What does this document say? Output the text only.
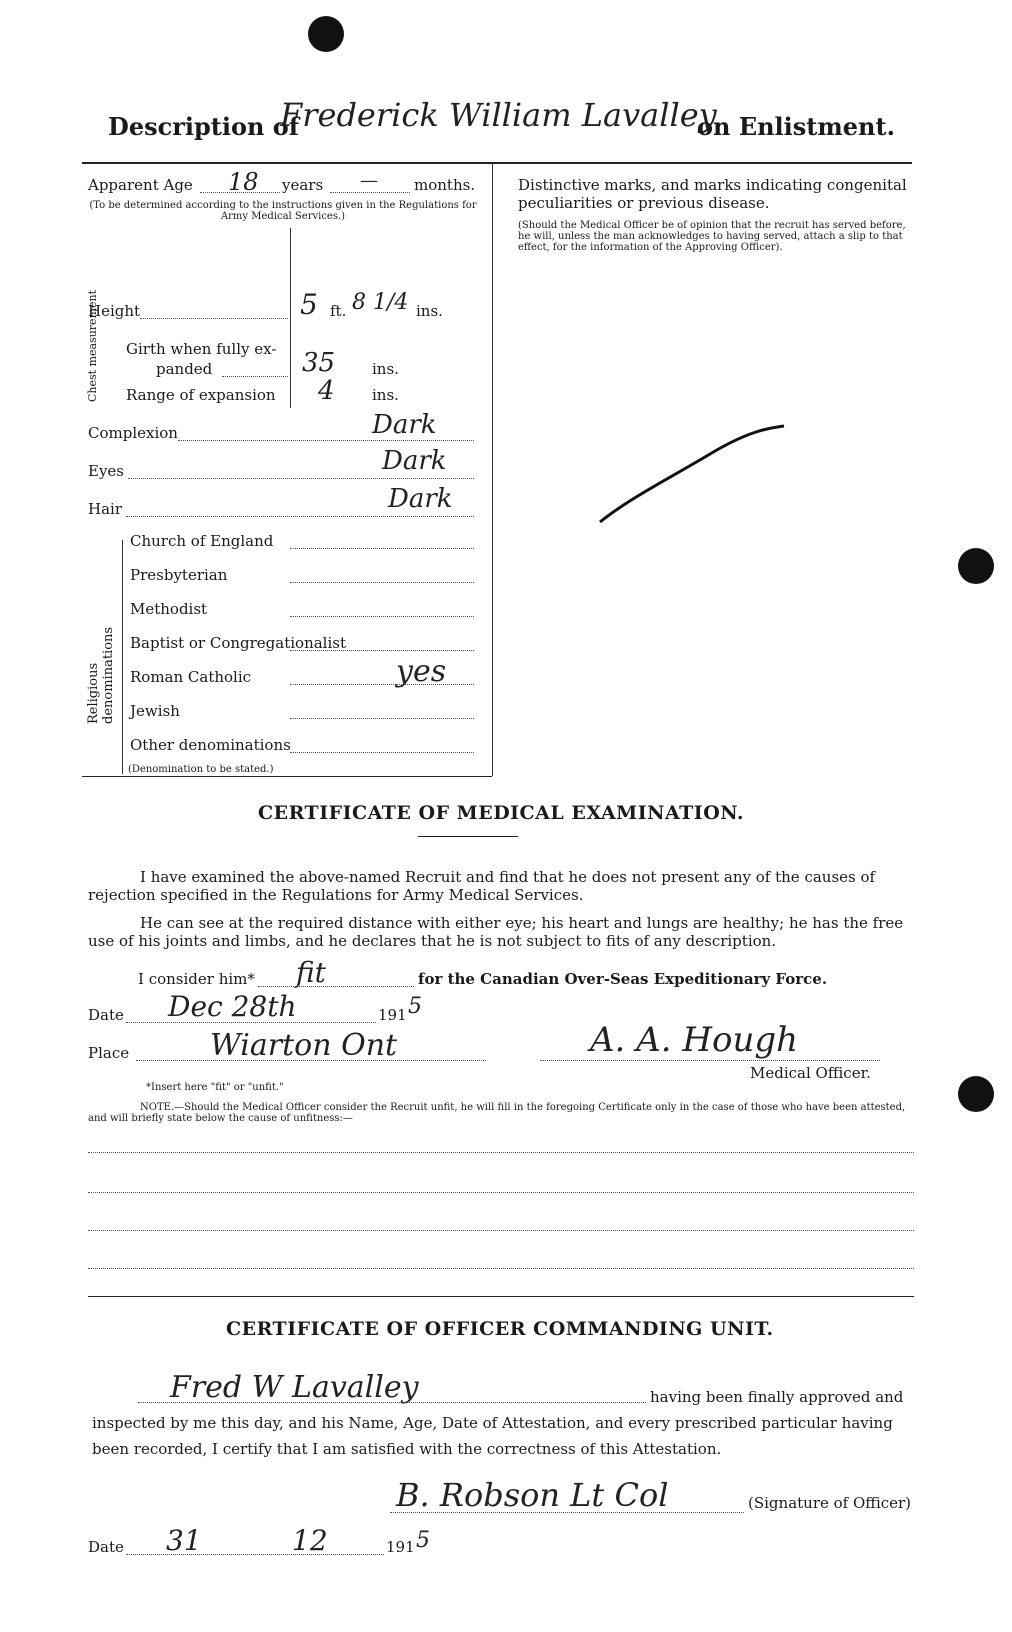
Description of
Frederick William Lavalley
on Enlistment.
Apparent Age 18 years — months.
(To be determined according to the instructions given in the Regulations for Army Medical Services.)
Height	5 ft. 8 1/4 ins.
Chest measurement Girth when fully ex-
panded	35 ins.
Range of expansion 4 ins.
Complexion	Dark
Eyes	Dark
Hair	Dark
Religious denominations
Church of England
Presbyterian
Methodist
Baptist or Congregationalist
Roman Catholic	yes
Jewish
Other denominations
(Denomination to be stated.)
Distinctive marks, and marks indicating congenital peculiarities or previous disease.
(Should the Medical Officer be of opinion that the recruit has served before, he will, unless the man acknowledges to having served, attach a slip to that effect, for the information of the Approving Officer).
CERTIFICATE OF MEDICAL EXAMINATION.
I have examined the above-named Recruit and find that he does not present any of the causes of rejection specified in the Regulations for Army Medical Services.
He can see at the required distance with either eye; his heart and lungs are healthy; he has the free use of his joints and limbs, and he declares that he is not subject to fits of any description.
I consider him* fit	for the Canadian Over-Seas Expeditionary Force.
Date Dec 28th	191 5
Place	Wiarton Ont	A. A. Hough
Medical Officer.
*Insert here "fit" or "unfit."
NOTE.—Should the Medical Officer consider the Recruit unfit, he will fill in the foregoing Certificate only in the case of those who have been attested, and will briefly state below the cause of unfitness:—
CERTIFICATE OF OFFICER COMMANDING UNIT.
Fred W Lavalley	having been finally approved and
inspected by me this day, and his Name, Age, Date of Attestation, and every prescribed particular having
been recorded, I certify that I am satisfied with the correctness of this Attestation.
B. Robson Lt Col	(Signature of Officer)
Date 31	12	191 5
